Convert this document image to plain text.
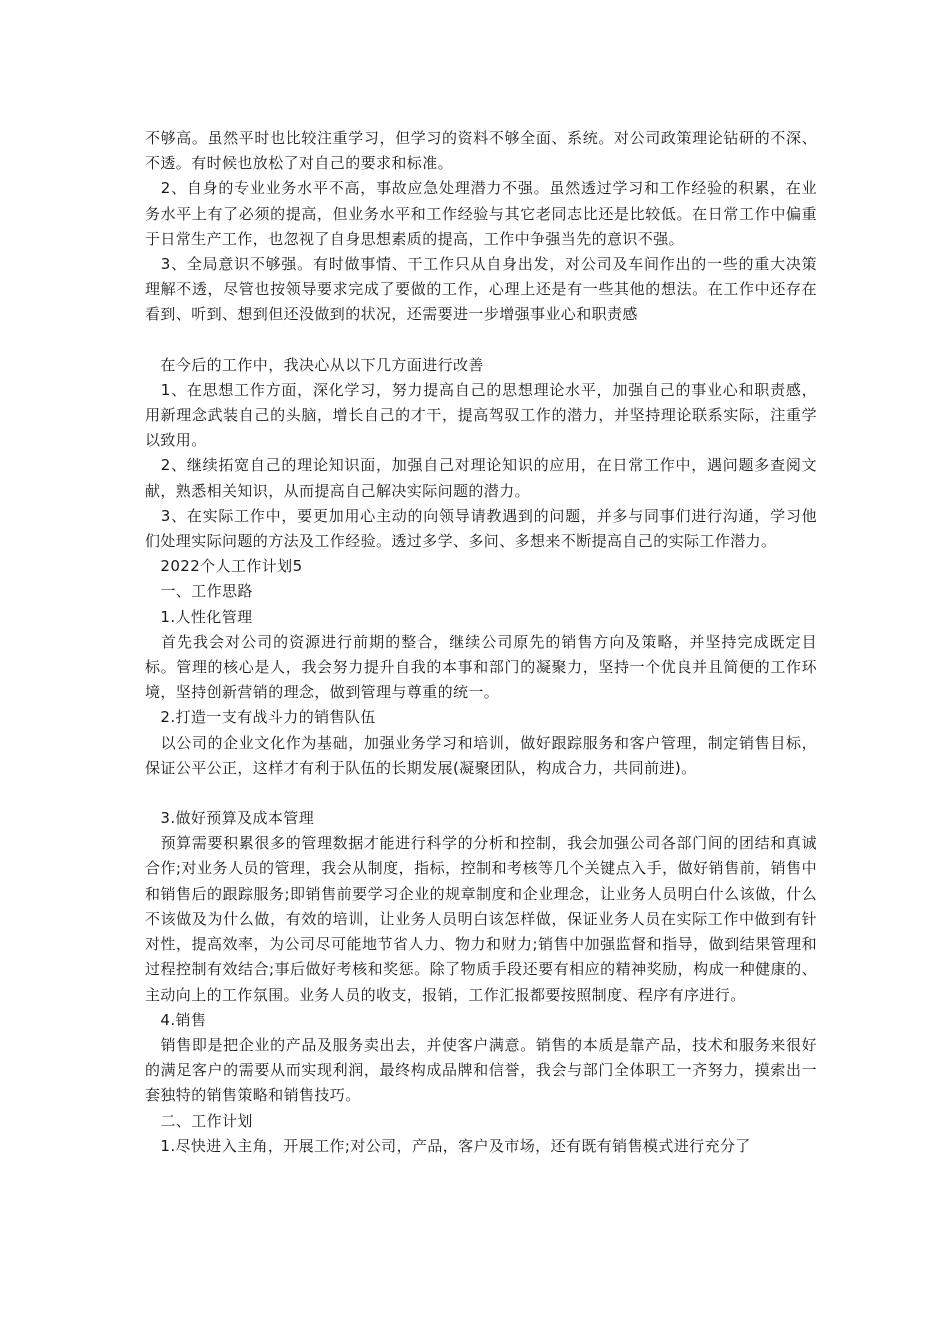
不够高。虽然平时也比较注重学习，但学习的资料不够全面、系统。对公司政策理论钻研的不深、不透。有时候也放松了对自己的要求和标准。

　2、自身的专业业务水平不高，事故应急处理潜力不强。虽然透过学习和工作经验的积累，在业务水平上有了必须的提高，但业务水平和工作经验与其它老同志比还是比较低。在日常工作中偏重于日常生产工作，也忽视了自身思想素质的提高，工作中争强当先的意识不强。

　3、全局意识不够强。有时做事情、干工作只从自身出发，对公司及车间作出的一些的重大决策理解不透，尽管也按领导要求完成了要做的工作，心理上还是有一些其他的想法。在工作中还存在看到、听到、想到但还没做到的状况，还需要进一步增强事业心和职责感

　在今后的工作中，我决心从以下几方面进行改善

　1、在思想工作方面，深化学习，努力提高自己的思想理论水平，加强自己的事业心和职责感，用新理念武装自己的头脑，增长自己的才干，提高驾驭工作的潜力，并坚持理论联系实际，注重学以致用。

　2、继续拓宽自己的理论知识面，加强自己对理论知识的应用，在日常工作中，遇问题多查阅文献，熟悉相关知识，从而提高自己解决实际问题的潜力。

　3、在实际工作中，要更加用心主动的向领导请教遇到的问题，并多与同事们进行沟通，学习他们处理实际问题的方法及工作经验。透过多学、多问、多想来不断提高自己的实际工作潜力。

　2022个人工作计划5

　一、工作思路

　1.人性化管理

　首先我会对公司的资源进行前期的整合，继续公司原先的销售方向及策略，并坚持完成既定目标。管理的核心是人，我会努力提升自我的本事和部门的凝聚力，坚持一个优良并且简便的工作环境，坚持创新营销的理念，做到管理与尊重的统一。

　2.打造一支有战斗力的销售队伍

　以公司的企业文化作为基础，加强业务学习和培训，做好跟踪服务和客户管理，制定销售目标，保证公平公正，这样才有利于队伍的长期发展(凝聚团队，构成合力，共同前进)。

　3.做好预算及成本管理

　预算需要积累很多的管理数据才能进行科学的分析和控制，我会加强公司各部门间的团结和真诚合作;对业务人员的管理，我会从制度，指标，控制和考核等几个关键点入手，做好销售前，销售中和销售后的跟踪服务;即销售前要学习企业的规章制度和企业理念，让业务人员明白什么该做，什么不该做及为什么做，有效的培训，让业务人员明白该怎样做，保证业务人员在实际工作中做到有针对性，提高效率，为公司尽可能地节省人力、物力和财力;销售中加强监督和指导，做到结果管理和过程控制有效结合;事后做好考核和奖惩。除了物质手段还要有相应的精神奖励，构成一种健康的、主动向上的工作氛围。业务人员的收支，报销，工作汇报都要按照制度、程序有序进行。

　4.销售

　销售即是把企业的产品及服务卖出去，并使客户满意。销售的本质是靠产品，技术和服务来很好的满足客户的需要从而实现利润，最终构成品牌和信誉，我会与部门全体职工一齐努力，摸索出一套独特的销售策略和销售技巧。

　二、工作计划

　1.尽快进入主角，开展工作;对公司，产品，客户及市场，还有既有销售模式进行充分了
